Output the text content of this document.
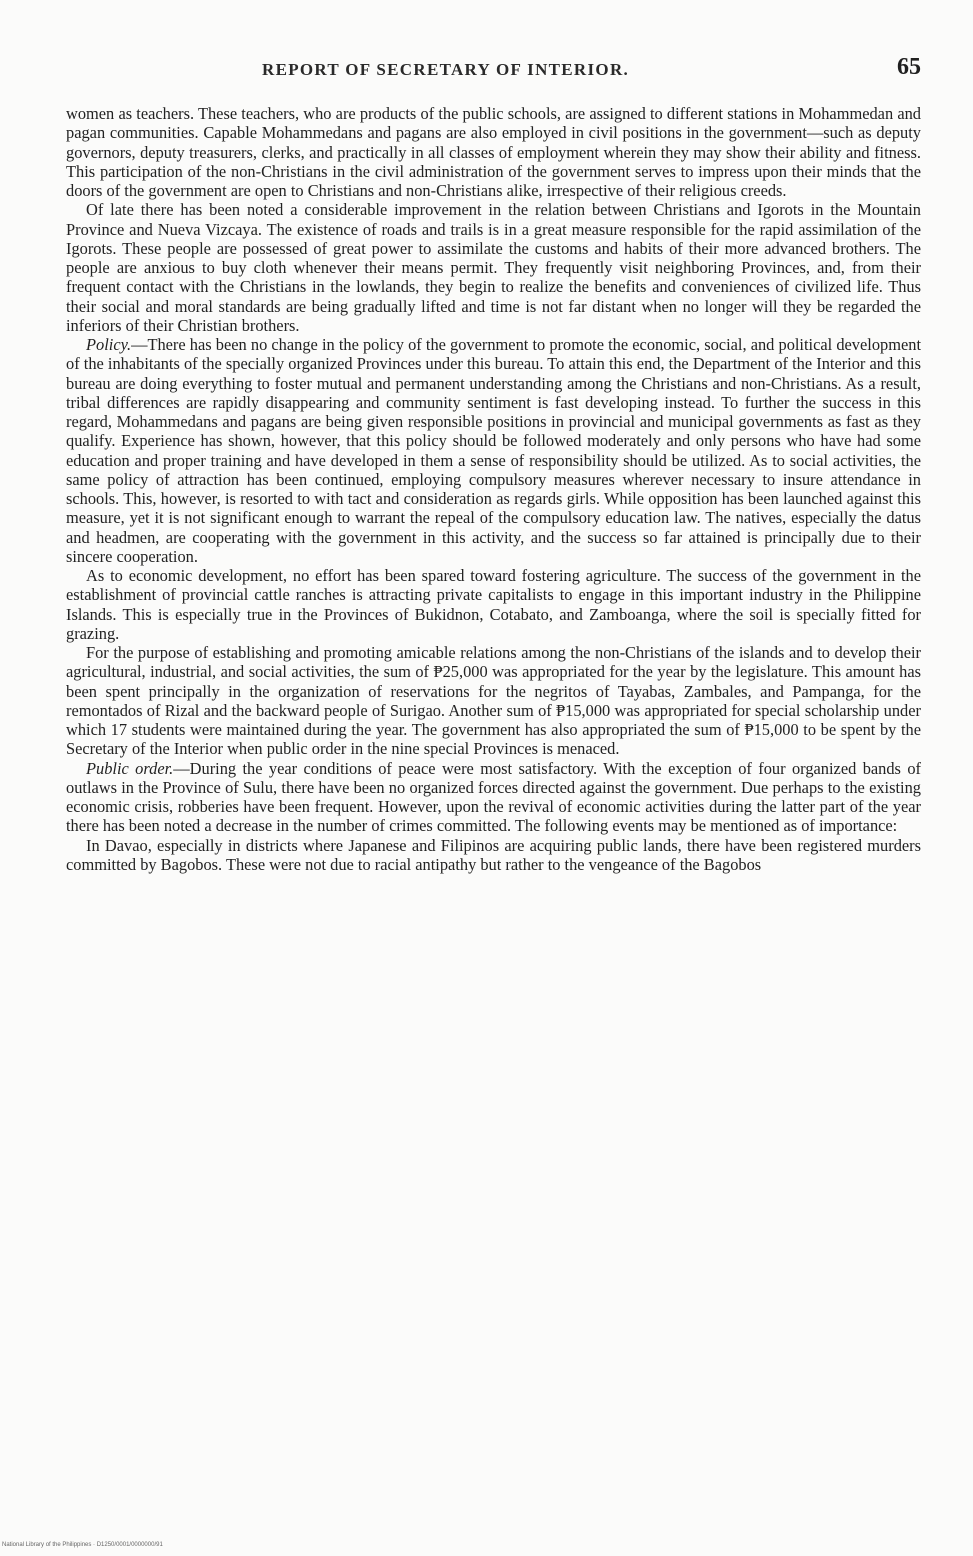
REPORT OF SECRETARY OF INTERIOR.	65

women as teachers. These teachers, who are products of the public schools, are assigned to different stations in Mohammedan and pagan communities. Capable Mohammedans and pagans are also employed in civil positions in the government—such as deputy governors, deputy treasurers, clerks, and practically in all classes of employment wherein they may show their ability and fitness. This participation of the non-Christians in the civil administration of the government serves to impress upon their minds that the doors of the government are open to Christians and non-Christians alike, irrespective of their religious creeds.

Of late there has been noted a considerable improvement in the relation between Christians and Igorots in the Mountain Province and Nueva Vizcaya. The existence of roads and trails is in a great measure responsible for the rapid assimilation of the Igorots. These people are possessed of great power to assimilate the customs and habits of their more advanced brothers. The people are anxious to buy cloth whenever their means permit. They frequently visit neighboring Provinces, and, from their frequent contact with the Christians in the lowlands, they begin to realize the benefits and conveniences of civilized life. Thus their social and moral standards are being gradually lifted and time is not far distant when no longer will they be regarded the inferiors of their Christian brothers.

Policy.—There has been no change in the policy of the government to promote the economic, social, and political development of the inhabitants of the specially organized Provinces under this bureau. To attain this end, the Department of the Interior and this bureau are doing everything to foster mutual and permanent understanding among the Christians and non-Christians. As a result, tribal differences are rapidly disappearing and community sentiment is fast developing instead. To further the success in this regard, Mohammedans and pagans are being given responsible positions in provincial and municipal governments as fast as they qualify. Experience has shown, however, that this policy should be followed moderately and only persons who have had some education and proper training and have developed in them a sense of responsibility should be utilized. As to social activities, the same policy of attraction has been continued, employing compulsory measures wherever necessary to insure attendance in schools. This, however, is resorted to with tact and consideration as regards girls. While opposition has been launched against this measure, yet it is not significant enough to warrant the repeal of the compulsory education law. The natives, especially the datus and headmen, are cooperating with the government in this activity, and the success so far attained is principally due to their sincere cooperation.

As to economic development, no effort has been spared toward fostering agriculture. The success of the government in the establishment of provincial cattle ranches is attracting private capitalists to engage in this important industry in the Philippine Islands. This is especially true in the Provinces of Bukidnon, Cotabato, and Zamboanga, where the soil is specially fitted for grazing.

For the purpose of establishing and promoting amicable relations among the non-Christians of the islands and to develop their agricultural, industrial, and social activities, the sum of ₱25,000 was appropriated for the year by the legislature. This amount has been spent principally in the organization of reservations for the negritos of Tayabas, Zambales, and Pampanga, for the remontados of Rizal and the backward people of Surigao. Another sum of ₱15,000 was appropriated for special scholarship under which 17 students were maintained during the year. The government has also appropriated the sum of ₱15,000 to be spent by the Secretary of the Interior when public order in the nine special Provinces is menaced.

Public order.—During the year conditions of peace were most satisfactory. With the exception of four organized bands of outlaws in the Province of Sulu, there have been no organized forces directed against the government. Due perhaps to the existing economic crisis, robberies have been frequent. However, upon the revival of economic activities during the latter part of the year there has been noted a decrease in the number of crimes committed. The following events may be mentioned as of importance:

In Davao, especially in districts where Japanese and Filipinos are acquiring public lands, there have been registered murders committed by Bagobos. These were not due to racial antipathy but rather to the vengeance of the Bagobos

National Library of the Philippines · D1250/0001/0000000/91
